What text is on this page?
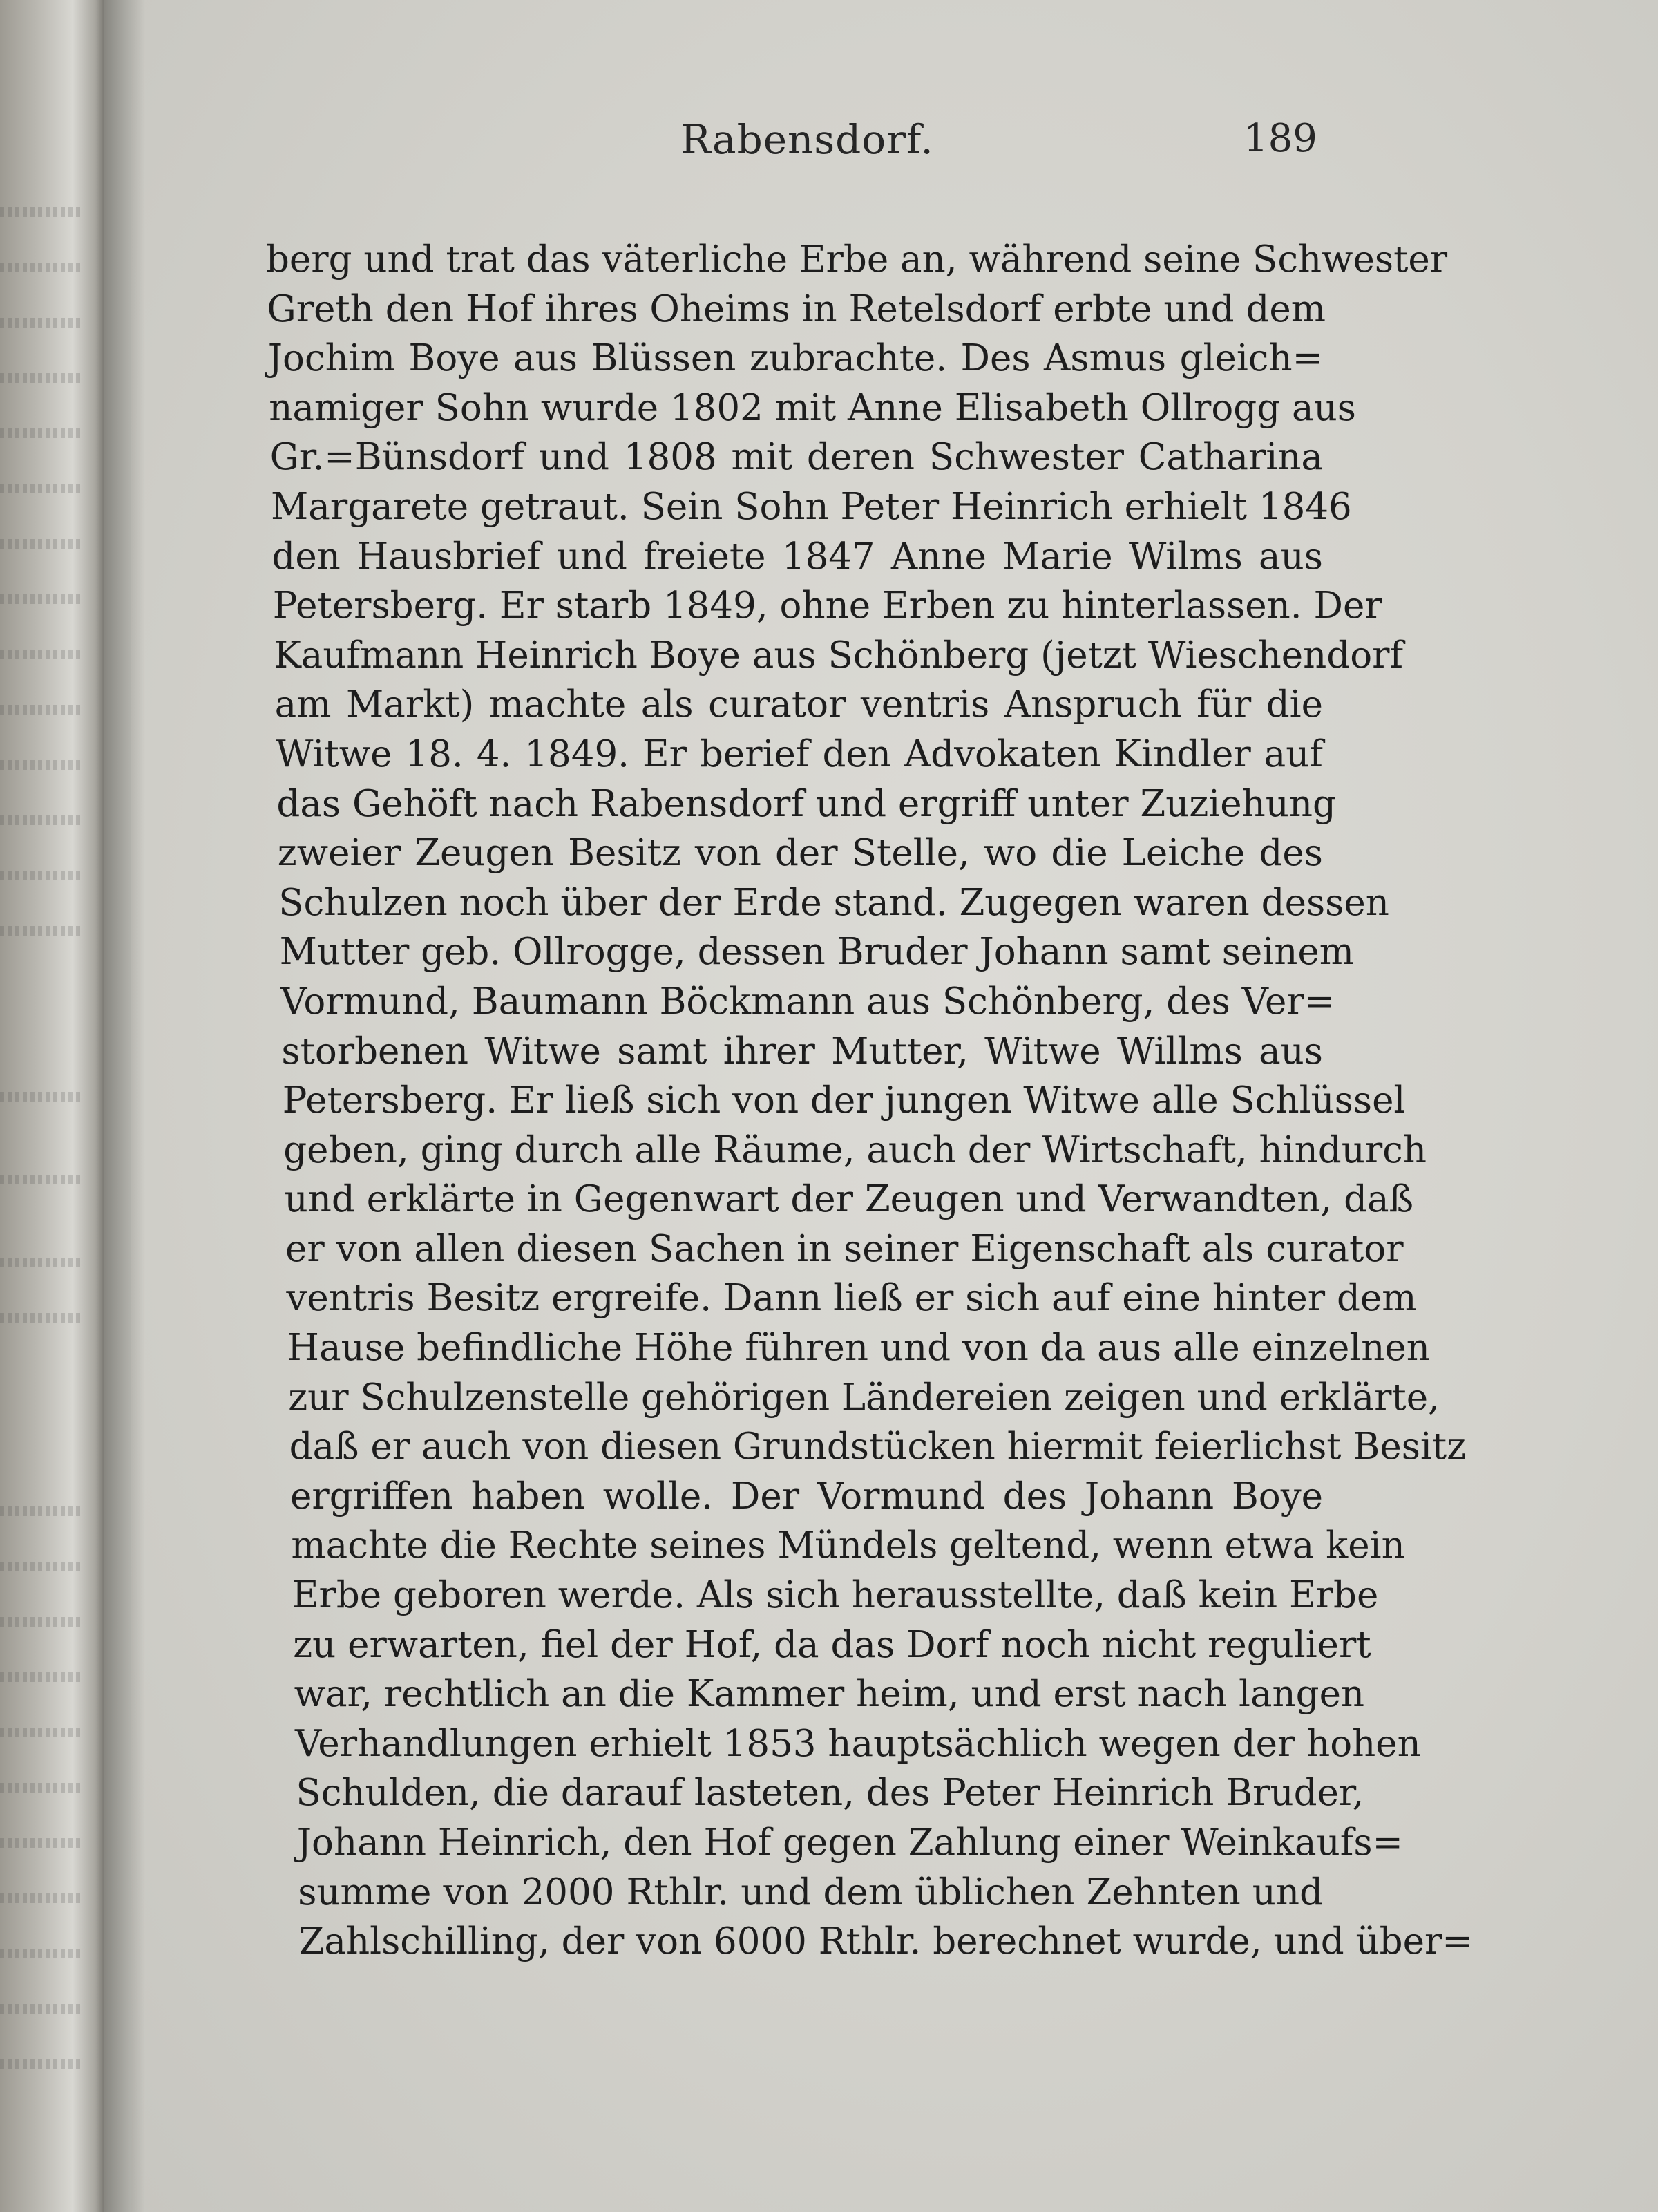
Rabensdorf.	189
berg und trat das väterliche Erbe an, während seine Schwester
Greth den Hof ihres Oheims in Retelsdorf erbte und dem
Jochim Boye aus Blüssen zubrachte. Des Asmus gleich=
namiger Sohn wurde 1802 mit Anne Elisabeth Ollrogg aus
Gr.=Bünsdorf und 1808 mit deren Schwester Catharina
Margarete getraut. Sein Sohn Peter Heinrich erhielt 1846
den Hausbrief und freiete 1847 Anne Marie Wilms aus
Petersberg. Er starb 1849, ohne Erben zu hinterlassen. Der
Kaufmann Heinrich Boye aus Schönberg (jetzt Wieschendorf
am Markt) machte als curator ventris Anspruch für die
Witwe 18. 4. 1849. Er berief den Advokaten Kindler auf
das Gehöft nach Rabensdorf und ergriff unter Zuziehung
zweier Zeugen Besitz von der Stelle, wo die Leiche des
Schulzen noch über der Erde stand. Zugegen waren dessen
Mutter geb. Ollrogge, dessen Bruder Johann samt seinem
Vormund, Baumann Böckmann aus Schönberg, des Ver=
storbenen Witwe samt ihrer Mutter, Witwe Willms aus
Petersberg. Er ließ sich von der jungen Witwe alle Schlüssel
geben, ging durch alle Räume, auch der Wirtschaft, hindurch
und erklärte in Gegenwart der Zeugen und Verwandten, daß
er von allen diesen Sachen in seiner Eigenschaft als curator
ventris Besitz ergreife. Dann ließ er sich auf eine hinter dem
Hause befindliche Höhe führen und von da aus alle einzelnen
zur Schulzenstelle gehörigen Ländereien zeigen und erklärte,
daß er auch von diesen Grundstücken hiermit feierlichst Besitz
ergriffen haben wolle. Der Vormund des Johann Boye
machte die Rechte seines Mündels geltend, wenn etwa kein
Erbe geboren werde. Als sich herausstellte, daß kein Erbe
zu erwarten, fiel der Hof, da das Dorf noch nicht reguliert
war, rechtlich an die Kammer heim, und erst nach langen
Verhandlungen erhielt 1853 hauptsächlich wegen der hohen
Schulden, die darauf lasteten, des Peter Heinrich Bruder,
Johann Heinrich, den Hof gegen Zahlung einer Weinkaufs=
summe von 2000 Rthlr. und dem üblichen Zehnten und
Zahlschilling, der von 6000 Rthlr. berechnet wurde, und über=
